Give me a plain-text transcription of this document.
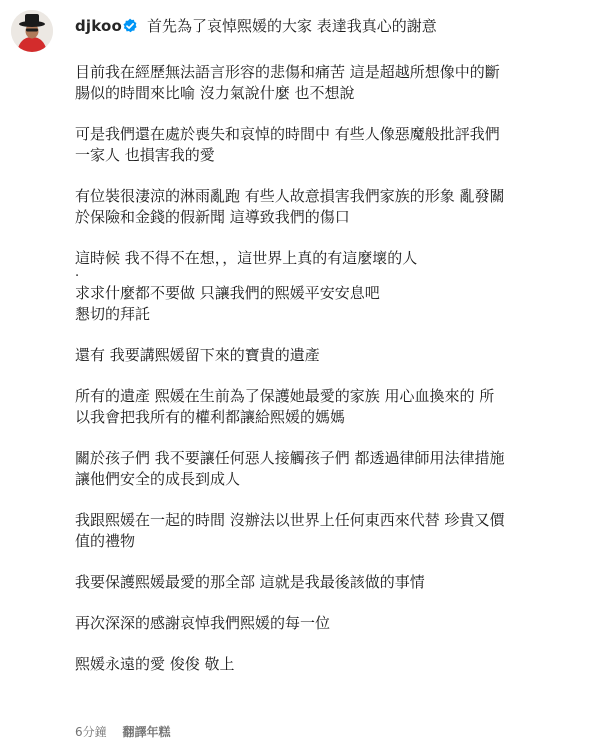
djkoo 首先為了哀悼熙媛的大家 表達我真心的謝意
目前我在經歷無法語言形容的悲傷和痛苦 這是超越所想像中的斷
腸似的時間來比喻 沒力氣說什麼 也不想說
可是我們還在處於喪失和哀悼的時間中 有些人像惡魔般批評我們
一家人 也損害我的愛
有位裝很淒涼的淋雨亂跑 有些人故意損害我們家族的形象 亂發關
於保險和金錢的假新聞 這導致我們的傷口
這時候 我不得不在想，，這世界上真的有這麼壞的人
.
求求什麼都不要做 只讓我們的熙媛平安安息吧
懇切的拜託
還有 我要講熙媛留下來的寶貴的遺產
所有的遺產 熙媛在生前為了保護她最愛的家族 用心血換來的 所
以我會把我所有的權利都讓給熙媛的媽媽
關於孩子們 我不要讓任何惡人接觸孩子們 都透過律師用法律措施
讓他們安全的成長到成人
我跟熙媛在一起的時間 沒辦法以世界上任何東西來代替 珍貴又價
值的禮物
我要保護熙媛最愛的那全部 這就是我最後該做的事情
再次深深的感謝哀悼我們熙媛的每一位
熙媛永遠的愛 俊俊 敬上
6分鐘 翻譯年糕
